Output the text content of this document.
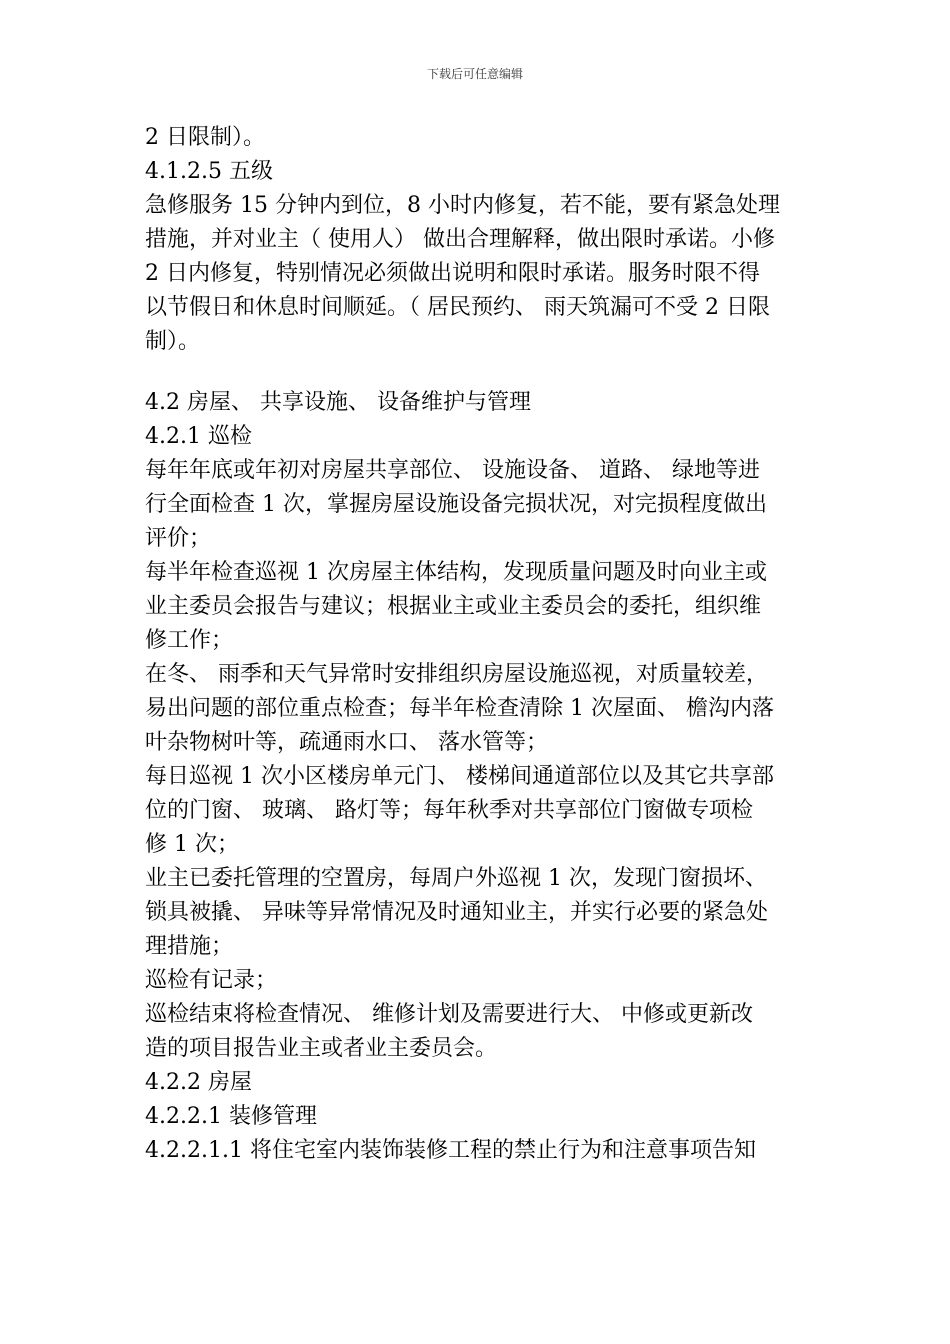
下载后可任意编辑
2 日限制）。
4.1.2.5 五级
急修服务 15 分钟内到位，8 小时内修复，若不能，要有紧急处理
措施，并对业主（ 使用人） 做出合理解释，做出限时承诺。小修
2 日内修复，特别情况必须做出说明和限时承诺。服务时限不得
以节假日和休息时间顺延。（ 居民预约、 雨天筑漏可不受 2 日限
制）。
4.2 房屋、 共享设施、 设备维护与管理
4.2.1 巡检
每年年底或年初对房屋共享部位、 设施设备、 道路、 绿地等进
行全面检查 1 次，掌握房屋设施设备完损状况，对完损程度做出
评价；
每半年检查巡视 1 次房屋主体结构，发现质量问题及时向业主或
业主委员会报告与建议；根据业主或业主委员会的委托，组织维
修工作；
在冬、 雨季和天气异常时安排组织房屋设施巡视，对质量较差，
易出问题的部位重点检查；每半年检查清除 1 次屋面、 檐沟内落
叶杂物树叶等，疏通雨水口、 落水管等；
每日巡视 1 次小区楼房单元门、 楼梯间通道部位以及其它共享部
位的门窗、 玻璃、 路灯等；每年秋季对共享部位门窗做专项检
修 1 次；
业主已委托管理的空置房，每周户外巡视 1 次，发现门窗损坏、
锁具被撬、 异味等异常情况及时通知业主，并实行必要的紧急处
理措施；
巡检有记录；
巡检结束将检查情况、 维修计划及需要进行大、 中修或更新改
造的项目报告业主或者业主委员会。
4.2.2 房屋
4.2.2.1 装修管理
4.2.2.1.1 将住宅室内装饰装修工程的禁止行为和注意事项告知
